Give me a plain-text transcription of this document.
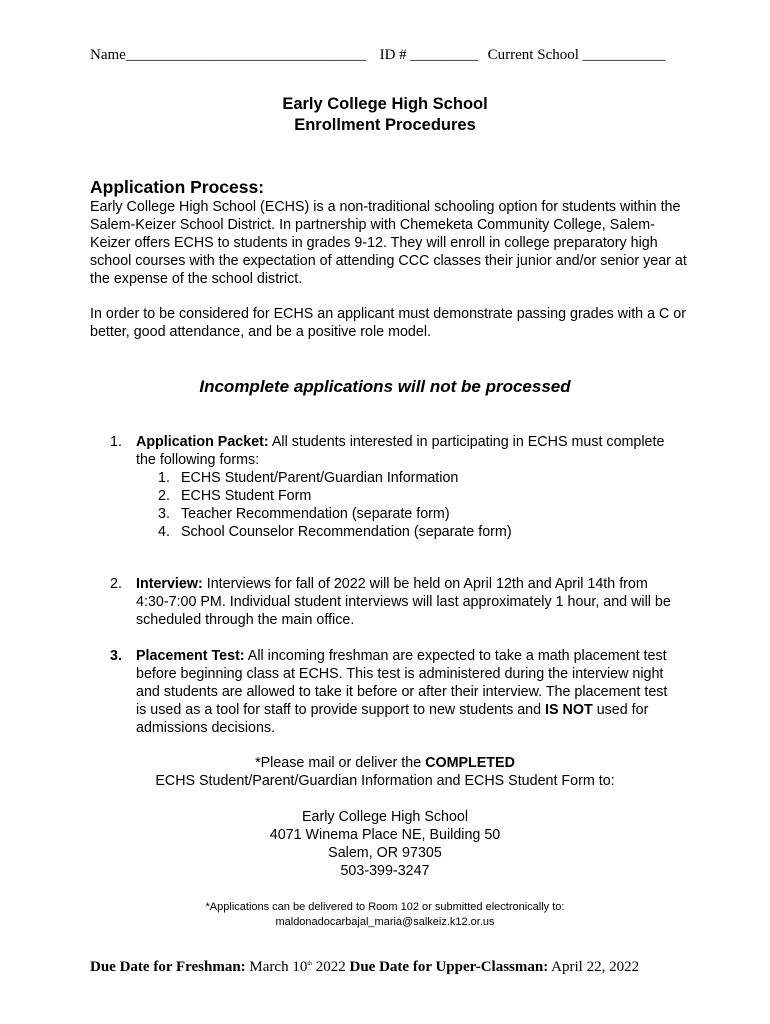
Name________________________________ ID # _________ Current School ___________
Early College High School
Enrollment Procedures
Application Process:
Early College High School (ECHS) is a non-traditional schooling option for students within the Salem-Keizer School District. In partnership with Chemeketa Community College, Salem-Keizer offers ECHS to students in grades 9-12. They will enroll in college preparatory high school courses with the expectation of attending CCC classes their junior and/or senior year at the expense of the school district.
In order to be considered for ECHS an applicant must demonstrate passing grades with a C or better, good attendance, and be a positive role model.
Incomplete applications will not be processed
1. Application Packet: All students interested in participating in ECHS must complete the following forms:
1. ECHS Student/Parent/Guardian Information
2. ECHS Student Form
3. Teacher Recommendation (separate form)
4. School Counselor Recommendation (separate form)
2. Interview: Interviews for fall of 2022 will be held on April 12th and April 14th from 4:30-7:00 PM. Individual student interviews will last approximately 1 hour, and will be scheduled through the main office.
3. Placement Test: All incoming freshman are expected to take a math placement test before beginning class at ECHS. This test is administered during the interview night and students are allowed to take it before or after their interview. The placement test is used as a tool for staff to provide support to new students and IS NOT used for admissions decisions.
*Please mail or deliver the COMPLETED
ECHS Student/Parent/Guardian Information and ECHS Student Form to:
Early College High School
4071 Winema Place NE, Building 50
Salem, OR 97305
503-399-3247
*Applications can be delivered to Room 102 or submitted electronically to:
maldonadocarbajal_maria@salkeiz.k12.or.us
Due Date for Freshman: March 10th 2022 Due Date for Upper-Classman: April 22, 2022
